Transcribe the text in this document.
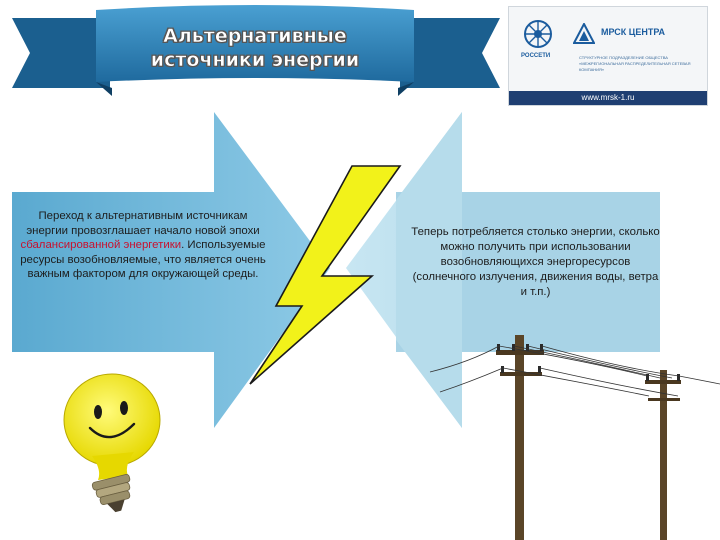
Альтернативные
источники энергии	РОССЕТИ
МРСК ЦЕНТРА
СТРУКТУРНОЕ ПОДРАЗДЕЛЕНИЕ ОБЩЕСТВА «МЕЖРЕГИОНАЛЬНАЯ РАСПРЕДЕЛИТЕЛЬНАЯ СЕТЕВАЯ КОМПАНИЯ»
www.mrsk-1.ru
Переход к альтернативным источникам энергии провозглашает начало новой эпохи сбалансированной энергетики. Используемые ресурсы возобновляемые, что является очень важным фактором для окружающей среды.
Теперь потребляется столько энергии, сколько можно получить при использовании возобновляющихся энергоресурсов (солнечного излучения, движения воды, ветра и т.п.)
